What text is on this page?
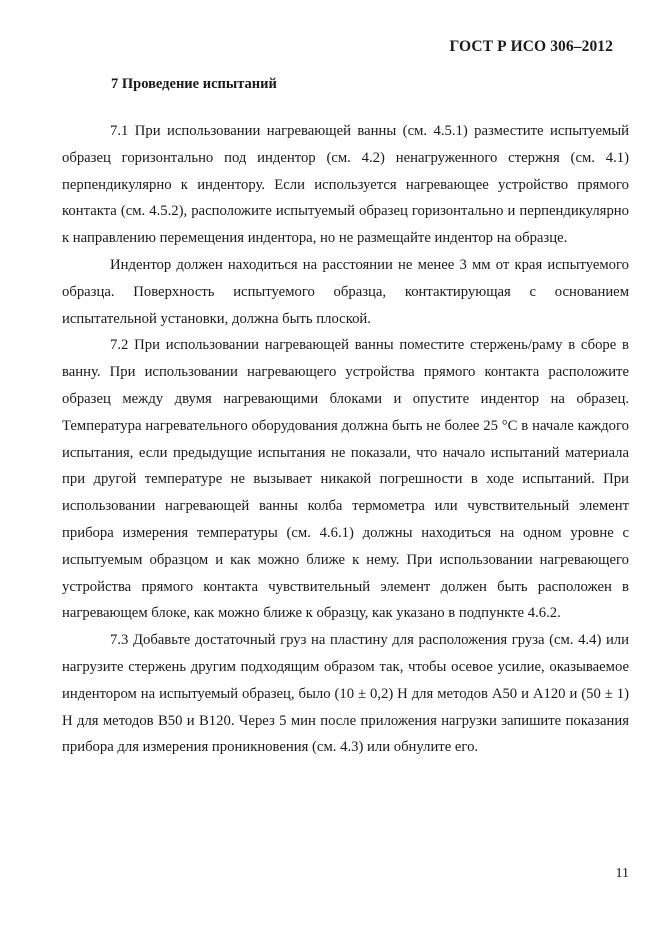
ГОСТ Р ИСО 306–2012
7 Проведение испытаний

7.1 При использовании нагревающей ванны (см. 4.5.1) разместите испытуемый образец горизонтально под индентор (см. 4.2) ненагруженного стержня (см. 4.1) перпендикулярно к индентору. Если используется нагревающее устройство прямого контакта (см. 4.5.2), расположите испытуемый образец горизонтально и перпендикулярно к направлению перемещения индентора, но не размещайте индентор на образце.

Индентор должен находиться на расстоянии не менее 3 мм от края испытуемого образца. Поверхность испытуемого образца, контактирующая с основанием испытательной установки, должна быть плоской.

7.2 При использовании нагревающей ванны поместите стержень/раму в сборе в ванну. При использовании нагревающего устройства прямого контакта расположите образец между двумя нагревающими блоками и опустите индентор на образец. Температура нагревательного оборудования должна быть не более 25 °С в начале каждого испытания, если предыдущие испытания не показали, что начало испытаний материала при другой температуре не вызывает никакой погрешности в ходе испытаний. При использовании нагревающей ванны колба термометра или чувствительный элемент прибора измерения температуры (см. 4.6.1) должны находиться на одном уровне с испытуемым образцом и как можно ближе к нему. При использовании нагревающего устройства прямого контакта чувствительный элемент должен быть расположен в нагревающем блоке, как можно ближе к образцу, как указано в подпункте 4.6.2.

7.3 Добавьте достаточный груз на пластину для расположения груза (см. 4.4) или нагрузите стержень другим подходящим образом так, чтобы осевое усилие, оказываемое индентором на испытуемый образец, было (10 ± 0,2) Н для методов А50 и А120 и (50 ± 1) Н для методов В50 и В120. Через 5 мин после приложения нагрузки запишите показания прибора для измерения проникновения (см. 4.3) или обнулите его.

11
